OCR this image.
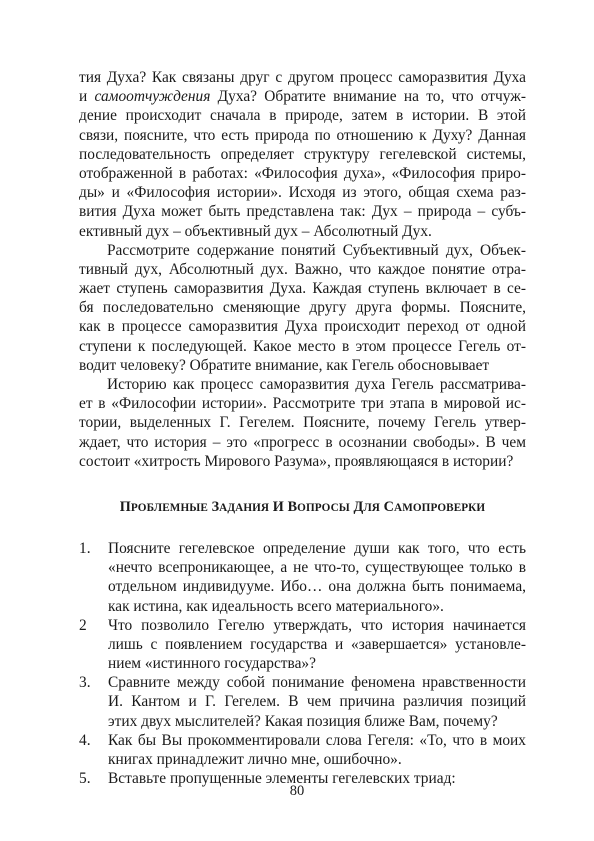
тия Духа? Как связаны друг с другом процесс саморазвития Духа
и самоотчуждения Духа? Обратите внимание на то, что отчуж-
дение происходит сначала в природе, затем в истории. В этой
связи, поясните, что есть природа по отношению к Духу? Данная
последовательность определяет структуру гегелевской системы,
отображенной в работах: «Философия духа», «Философия приро-
ды» и «Философия истории». Исходя из этого, общая схема раз-
вития Духа может быть представлена так: Дух – природа – субъ-
ективный дух – объективный дух – Абсолютный Дух.
Рассмотрите содержание понятий Субъективный дух, Объек-
тивный дух, Абсолютный дух. Важно, что каждое понятие отра-
жает ступень саморазвития Духа. Каждая ступень включает в се-
бя последовательно сменяющие другу друга формы. Поясните,
как в процессе саморазвития Духа происходит переход от одной
ступени к последующей. Какое место в этом процессе Гегель от-
водит человеку? Обратите внимание, как Гегель обосновывает
Историю как процесс саморазвития духа Гегель рассматрива-
ет в «Философии истории». Рассмотрите три этапа в мировой ис-
тории, выделенных Г. Гегелем. Поясните, почему Гегель утвер-
ждает, что история – это «прогресс в осознании свободы». В чем
состоит «хитрость Мирового Разума», проявляющаяся в истории?
ПРОБЛЕМНЫЕ ЗАДАНИЯ И ВОПРОСЫ ДЛЯ САМОПРОВЕРКИ
1.	Поясните гегелевское определение души как того, что есть
«нечто всепроникающее, а не что-то, существующее только в
отдельном индивидууме. Ибо… она должна быть понимаема,
как истина, как идеальность всего материального».
2	Что позволило Гегелю утверждать, что история начинается
лишь с появлением государства и «завершается» установле-
нием «истинного государства»?
3.	Сравните между собой понимание феномена нравственности
И. Кантом и Г. Гегелем. В чем причина различия позиций
этих двух мыслителей? Какая позиция ближе Вам, почему?
4.	Как бы Вы прокомментировали слова Гегеля: «То, что в моих
книгах принадлежит лично мне, ошибочно».
5.	Вставьте пропущенные элементы гегелевских триад:
80
